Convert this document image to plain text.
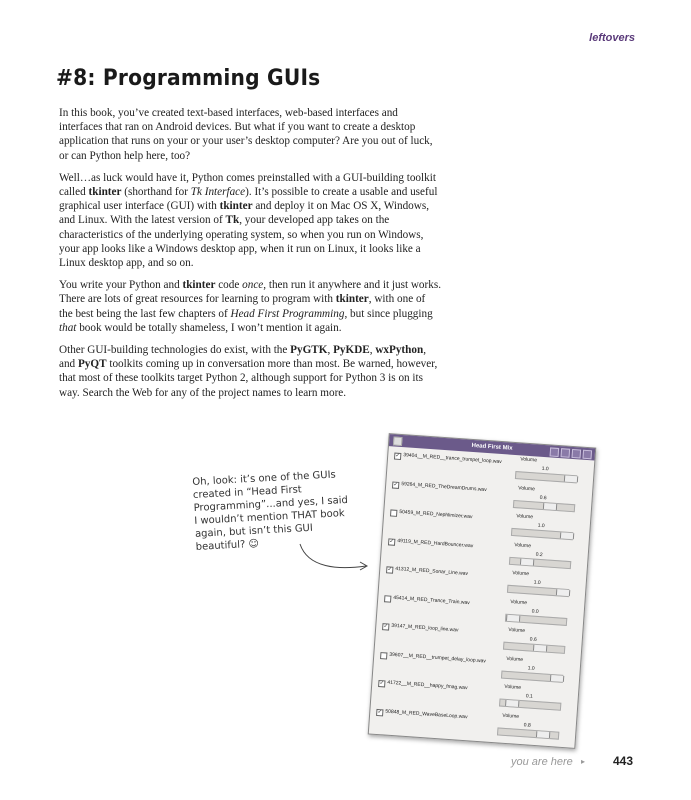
leftovers
#8: Programming GUIs

In this book, you’ve created text-based interfaces, web-based interfaces and interfaces that ran on Android devices. But what if you want to create a desktop application that runs on your or your user’s desktop computer? Are you out of luck, or can Python help here, too?

Well…as luck would have it, Python comes preinstalled with a GUI-building toolkit called tkinter (shorthand for Tk Interface). It’s possible to create a usable and useful graphical user interface (GUI) with tkinter and deploy it on Mac OS X, Windows, and Linux. With the latest version of Tk, your developed app takes on the characteristics of the underlying operating system, so when you run on Windows, your app looks like a Windows desktop app, when it run on Linux, it looks like a Linux desktop app, and so on.

You write your Python and tkinter code once, then run it anywhere and it just works. There are lots of great resources for learning to program with tkinter, with one of the best being the last few chapters of Head First Programming, but since plugging that book would be totally shameless, I won’t mention it again.

Other GUI-building technologies do exist, with the PyGTK, PyKDE, wxPython, and PyQT toolkits coming up in conversation more than most. Be warned, however, that most of these toolkits target Python 2, although support for Python 3 is on its way. Search the Web for any of the project names to learn more.

Oh, look: it’s one of the GUIs created in “Head First Programming”...and yes, I said I wouldn’t mention THAT book again, but isn’t this GUI beautiful? ☺
Head First Mix
✓ 39404__M_RED__trance_trumpet_loop.wav	Volume
1.0
✓ 59264_M_RED_TheDreamDrums.wav	Volume
0.6
50459_M_RED_Nephlimizer.wav	Volume
1.0
✓ 49119_M_RED_HardBouncer.wav	Volume
0.2
✓ 41312_M_RED_Sonar_Line.wav	Volume
1.0
45414_M_RED_Trance_Train.wav	Volume
0.0
✓ 39147_M_RED_loop_line.wav	Volume
0.6
39607__M_RED__trumpet_delay_loop.wav	Volume
1.0
✓ 41722__M_RED__happy_fmag.wav	Volume
0.1
✓ 50848_M_RED_WaveBaseLoop.wav	Volume
0.8
you are here ▸ 443
